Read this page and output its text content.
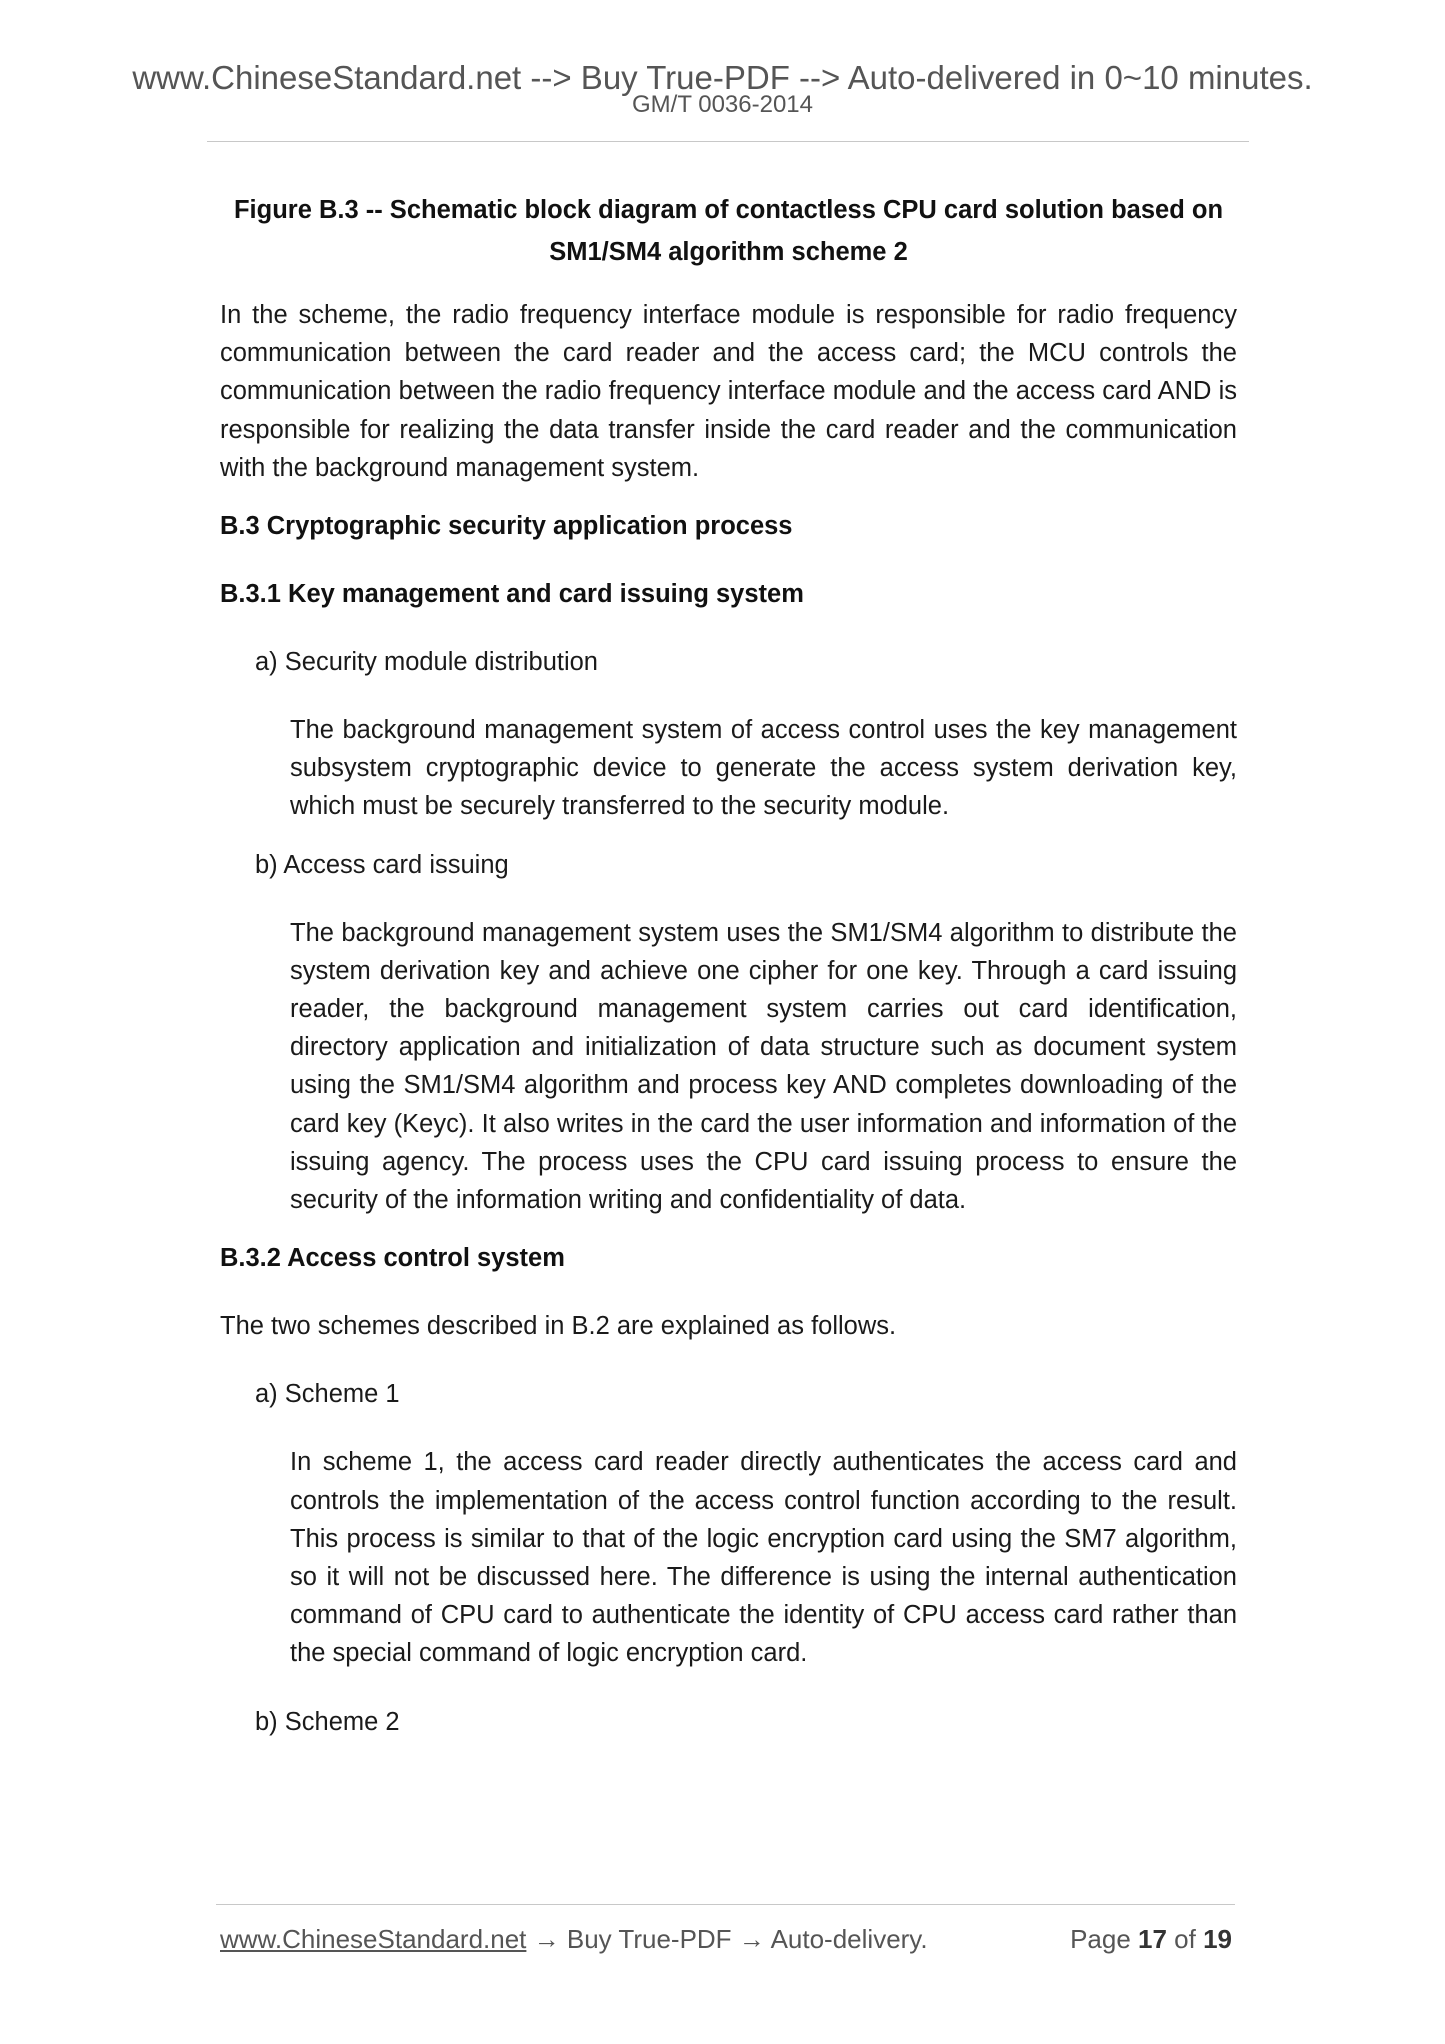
www.ChineseStandard.net --> Buy True-PDF --> Auto-delivered in 0~10 minutes.
GM/T 0036-2014

Figure B.3 -- Schematic block diagram of contactless CPU card solution based on SM1/SM4 algorithm scheme 2

In the scheme, the radio frequency interface module is responsible for radio frequency communication between the card reader and the access card; the MCU controls the communication between the radio frequency interface module and the access card AND is responsible for realizing the data transfer inside the card reader and the communication with the background management system.

B.3 Cryptographic security application process

B.3.1 Key management and card issuing system

a) Security module distribution

The background management system of access control uses the key management subsystem cryptographic device to generate the access system derivation key, which must be securely transferred to the security module.

b) Access card issuing

The background management system uses the SM1/SM4 algorithm to distribute the system derivation key and achieve one cipher for one key. Through a card issuing reader, the background management system carries out card identification, directory application and initialization of data structure such as document system using the SM1/SM4 algorithm and process key AND completes downloading of the card key (Keyc). It also writes in the card the user information and information of the issuing agency. The process uses the CPU card issuing process to ensure the security of the information writing and confidentiality of data.

B.3.2 Access control system

The two schemes described in B.2 are explained as follows.

a) Scheme 1

In scheme 1, the access card reader directly authenticates the access card and controls the implementation of the access control function according to the result. This process is similar to that of the logic encryption card using the SM7 algorithm, so it will not be discussed here. The difference is using the internal authentication command of CPU card to authenticate the identity of CPU access card rather than the special command of logic encryption card.

b) Scheme 2

www.ChineseStandard.net → Buy True-PDF → Auto-delivery.	Page 17 of 19
